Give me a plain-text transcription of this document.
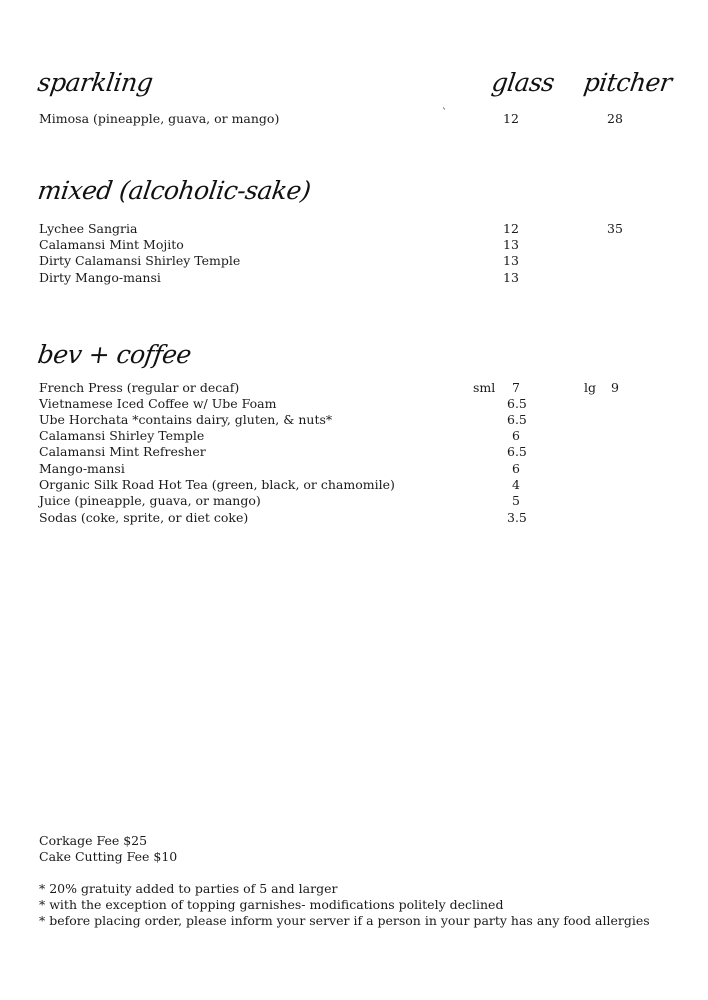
sparkling	glass pitcher
`
Mimosa (pineapple, guava, or mango)	12	28
mixed (alcoholic-sake)
Lychee Sangria	12	35
Calamansi Mint Mojito	13
Dirty Calamansi Shirley Temple	13
Dirty Mango-mansi	13
bev + coffee
French Press (regular or decaf)	sml 7	lg 9
Vietnamese Iced Coffee w/ Ube Foam	6.5
Ube Horchata *contains dairy, gluten, & nuts*	6.5
Calamansi Shirley Temple	6
Calamansi Mint Refresher	6.5
Mango-mansi	6
Organic Silk Road Hot Tea (green, black, or chamomile)	4
Juice (pineapple, guava, or mango)	5
Sodas (coke, sprite, or diet coke)	3.5
Corkage Fee $25
Cake Cutting Fee $10
* 20% gratuity added to parties of 5 and larger
* with the exception of topping garnishes- modifications politely declined
* before placing order, please inform your server if a person in your party has any food allergies
